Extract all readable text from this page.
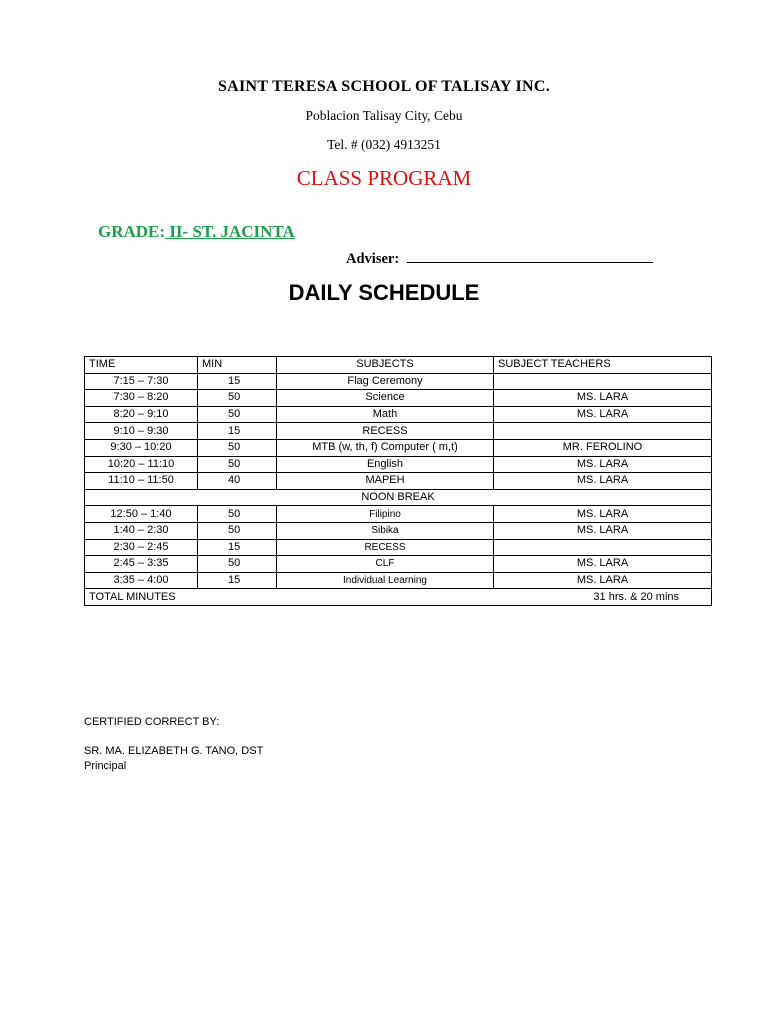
SAINT TERESA SCHOOL OF TALISAY INC.
Poblacion Talisay City, Cebu
Tel. # (032) 4913251
CLASS PROGRAM
GRADE: II- ST. JACINTA
Adviser:
DAILY SCHEDULE
TIME	MIN	SUBJECTS	SUBJECT TEACHERS
7:15 – 7:30	15	Flag Ceremony	
7:30 – 8:20	50	Science	MS. LARA
8:20 – 9:10	50	Math	MS. LARA
9:10 – 9:30	15	RECESS	
9:30 – 10:20	50	MTB (w, th, f) Computer ( m,t)	MR. FEROLINO
10:20 – 11:10	50	English	MS. LARA
11:10 – 11:50	40	MAPEH	MS. LARA
NOON BREAK			
12:50 – 1:40	50	Filipino	MS. LARA
1:40 – 2:30	50	Sibika	MS. LARA
2:30 – 2:45	15	RECESS	
2:45 – 3:35	50	CLF	MS. LARA
3:35 – 4:00	15	Individual Learning	MS. LARA
TOTAL MINUTES			31 hrs. & 20 mins
CERTIFIED CORRECT BY:
SR. MA. ELIZABETH G. TANO, DST
Principal
